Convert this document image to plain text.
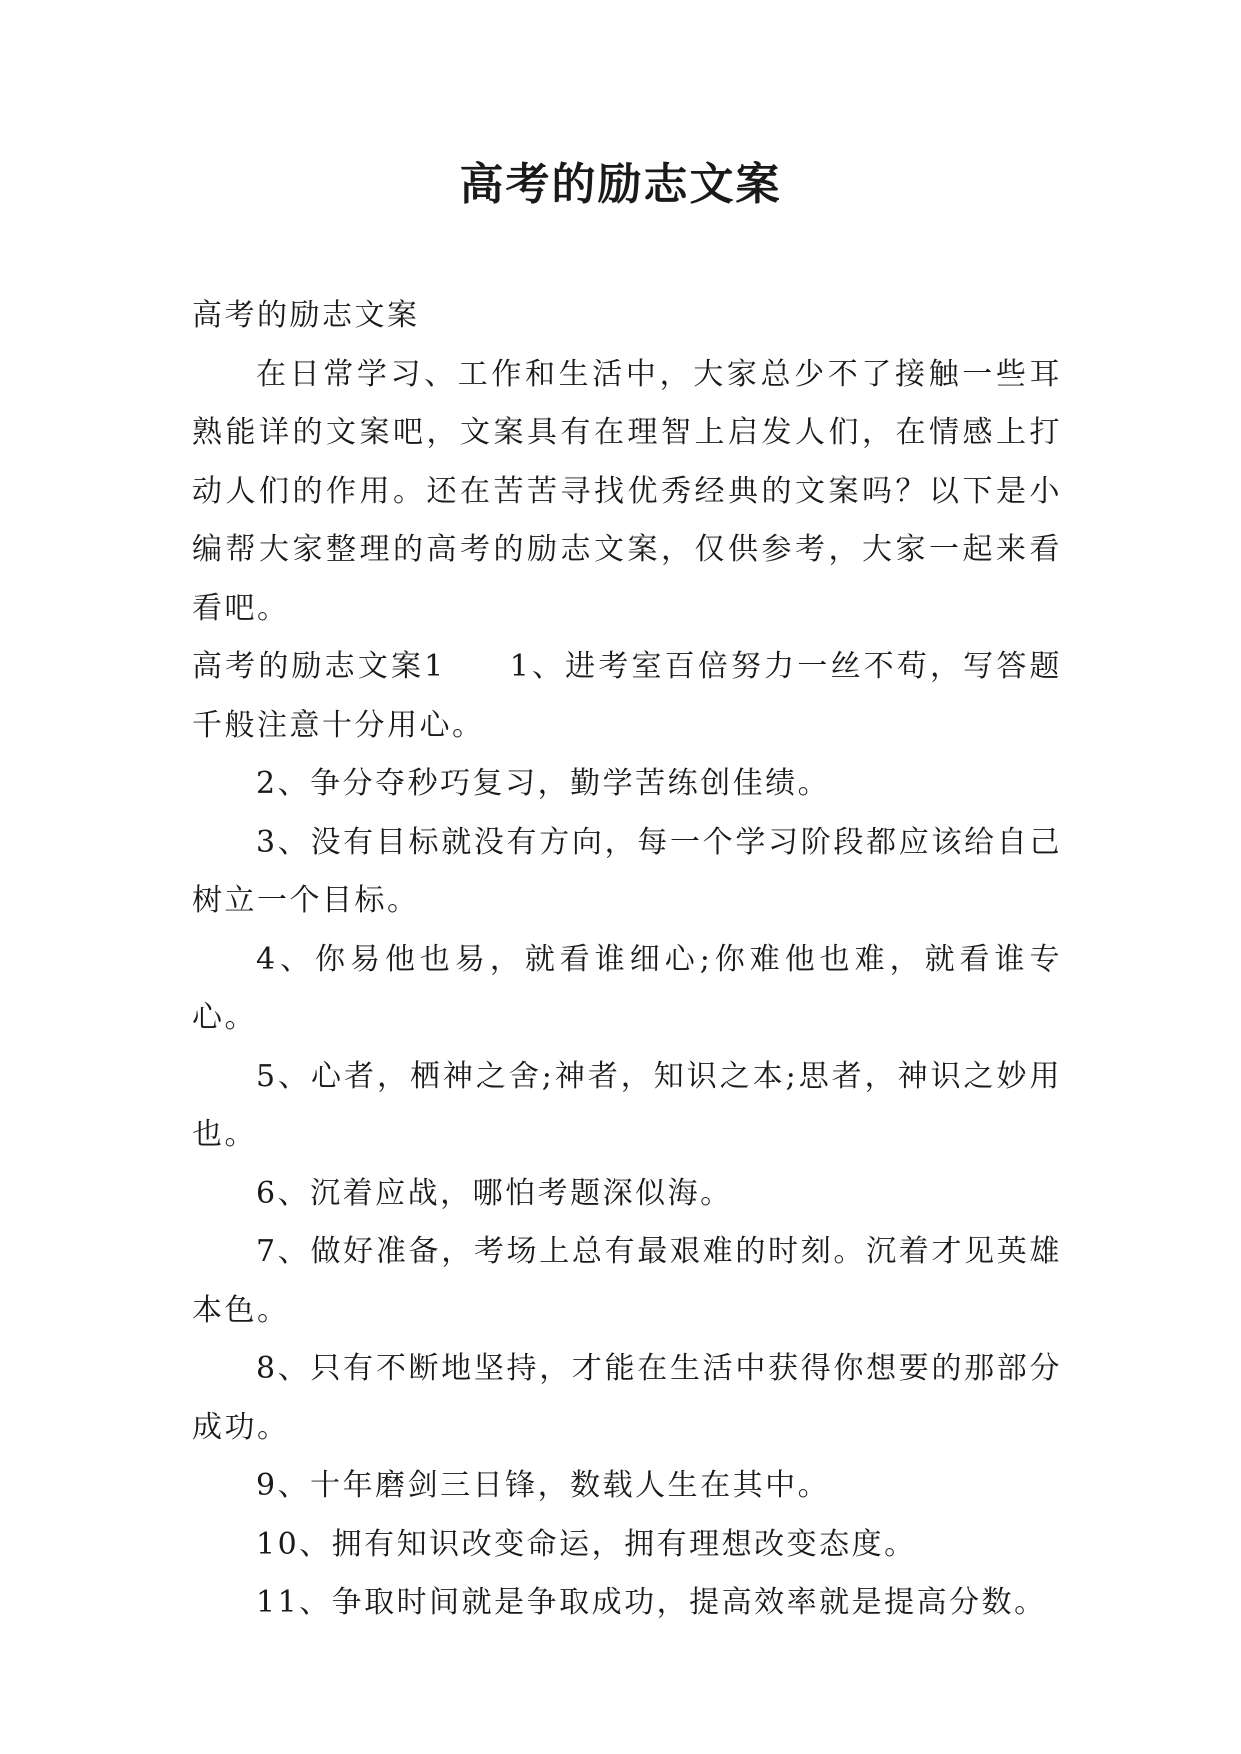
高考的励志文案

高考的励志文案

在日常学习、工作和生活中，大家总少不了接触一些耳熟能详的文案吧，文案具有在理智上启发人们，在情感上打动人们的作用。还在苦苦寻找优秀经典的文案吗？以下是小编帮大家整理的高考的励志文案，仅供参考，大家一起来看看吧。

高考的励志文案1 1、进考室百倍努力一丝不苟，写答题千般注意十分用心。

2、争分夺秒巧复习，勤学苦练创佳绩。

3、没有目标就没有方向，每一个学习阶段都应该给自己树立一个目标。

4、你易他也易，就看谁细心;你难他也难，就看谁专心。

5、心者，栖神之舍;神者，知识之本;思者，神识之妙用也。

6、沉着应战，哪怕考题深似海。

7、做好准备，考场上总有最艰难的时刻。沉着才见英雄本色。

8、只有不断地坚持，才能在生活中获得你想要的那部分成功。

9、十年磨剑三日锋，数载人生在其中。

10、拥有知识改变命运，拥有理想改变态度。

11、争取时间就是争取成功，提高效率就是提高分数。
